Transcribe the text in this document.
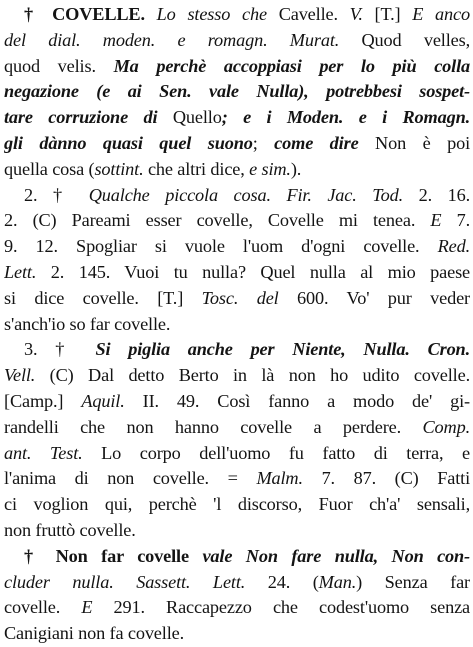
† COVELLE. Lo stesso che Cavelle. V. [T.] E anco
del dial. moden. e romagn. Murat. Quod velles,
quod velis. Ma perchè accoppiasi per lo più colla
negazione (e ai Sen. vale Nulla), potrebbesi sospet-
tare corruzione di Quello; e i Moden. e i Romagn.
gli dànno quasi quel suono; come dire Non è poi
quella cosa (sottint. che altri dice, e sim.).
2. † Qualche piccola cosa. Fir. Jac. Tod. 2. 16.
2. (C) Pareami esser covelle, Covelle mi tenea. E 7.
9. 12. Spogliar si vuole l'uom d'ogni covelle. Red.
Lett. 2. 145. Vuoi tu nulla? Quel nulla al mio paese
si dice covelle. [T.] Tosc. del 600. Vo' pur veder
s'anch'io so far covelle.
3. † Si piglia anche per Niente, Nulla. Cron.
Vell. (C) Dal detto Berto in là non ho udito covelle.
[Camp.] Aquil. II. 49. Così fanno a modo de' gi-
randelli che non hanno covelle a perdere. Comp.
ant. Test. Lo corpo dell'uomo fu fatto di terra, e
l'anima di non covelle. = Malm. 7. 87. (C) Fatti
ci voglion qui, perchè 'l discorso, Fuor ch'a' sensali,
non fruttò covelle.
† Non far covelle vale Non fare nulla, Non con-
cluder nulla. Sassett. Lett. 24. (Man.) Senza far
covelle. E 291. Raccapezzo che codest'uomo senza
Canigiani non fa covelle.
